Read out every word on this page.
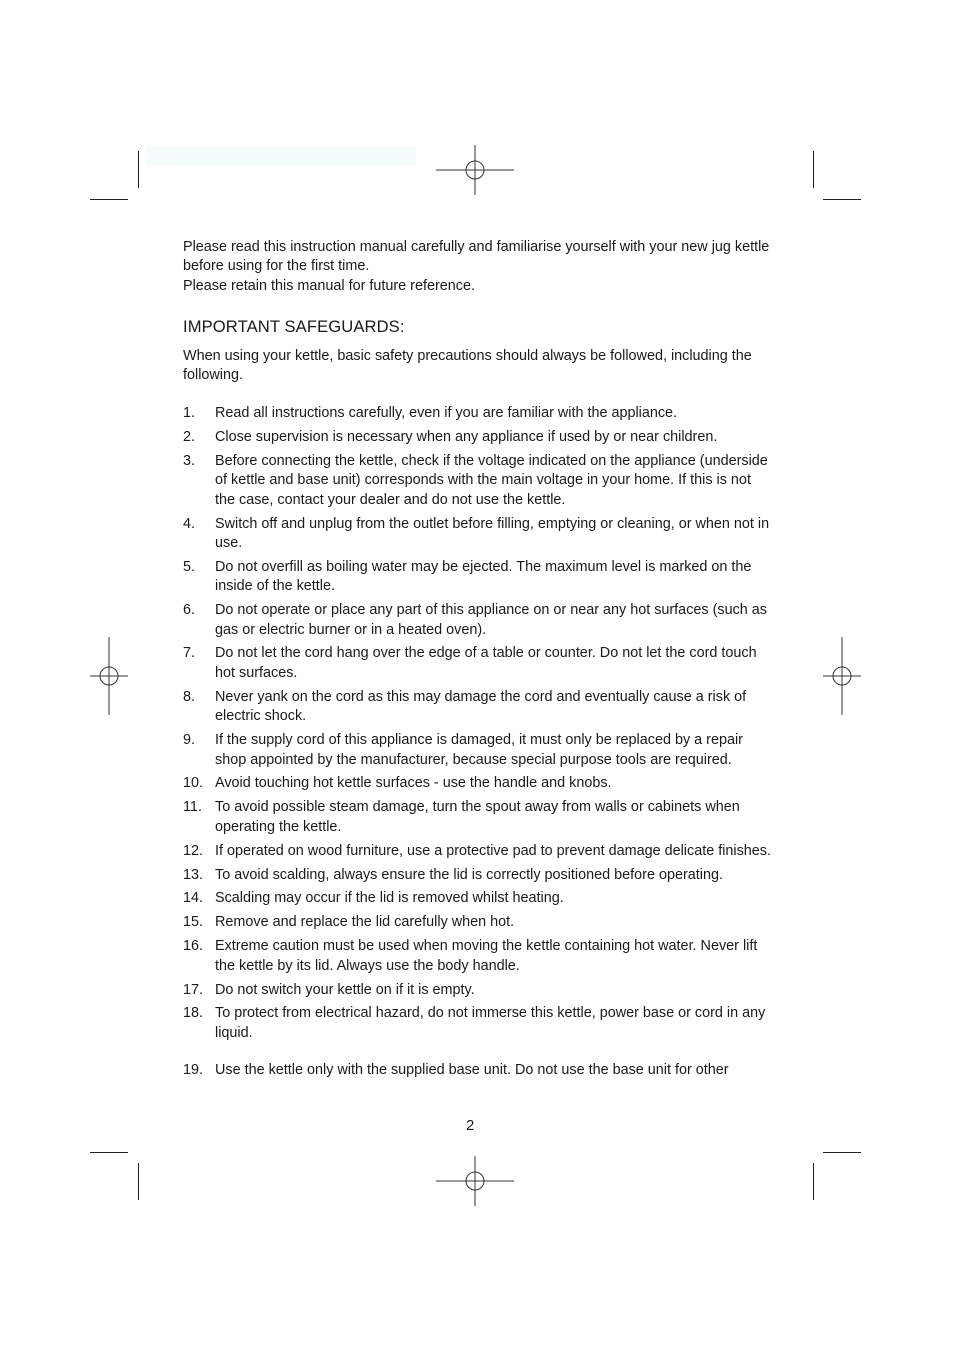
Please read this instruction manual carefully and familiarise yourself with your new jug kettle before using for the first time.

Please retain this manual for future reference.

IMPORTANT SAFEGUARDS:

When using your kettle, basic safety precautions should always be followed, including the following.

1.	Read all instructions carefully, even if you are familiar with the appliance.
2.	Close supervision is necessary when any appliance if used by or near children.
3.	Before connecting the kettle, check if the voltage indicated on the appliance (underside of kettle and base unit) corresponds with the main voltage in your home. If this is not the case, contact your dealer and do not use the kettle.
4.	Switch off and unplug from the outlet before filling, emptying or cleaning, or when not in use.
5.	Do not overfill as boiling water may be ejected. The maximum level is marked on the inside of the kettle.
6.	Do not operate or place any part of this appliance on or near any hot surfaces (such as gas or electric burner or in a heated oven).
7.	Do not let the cord hang over the edge of a table or counter. Do not let the cord touch hot surfaces.
8.	Never yank on the cord as this may damage the cord and eventually cause a risk of electric shock.
9.	If the supply cord of this appliance is damaged, it must only be replaced by a repair shop appointed by the manufacturer, because special purpose tools are required.
10. Avoid touching hot kettle surfaces - use the handle and knobs.
11. To avoid possible steam damage, turn the spout away from walls or cabinets when operating the kettle.
12. If operated on wood furniture, use a protective pad to prevent damage delicate finishes.
13. To avoid scalding, always ensure the lid is correctly positioned before operating.
14. Scalding may occur if the lid is removed whilst heating.
15. Remove and replace the lid carefully when hot.
16. Extreme caution must be used when moving the kettle containing hot water. Never lift the kettle by its lid. Always use the body handle.
17. Do not switch your kettle on if it is empty.
18. To protect from electrical hazard, do not immerse this kettle, power base or cord in any liquid.
19. Use the kettle only with the supplied base unit. Do not use the base unit for other
2
